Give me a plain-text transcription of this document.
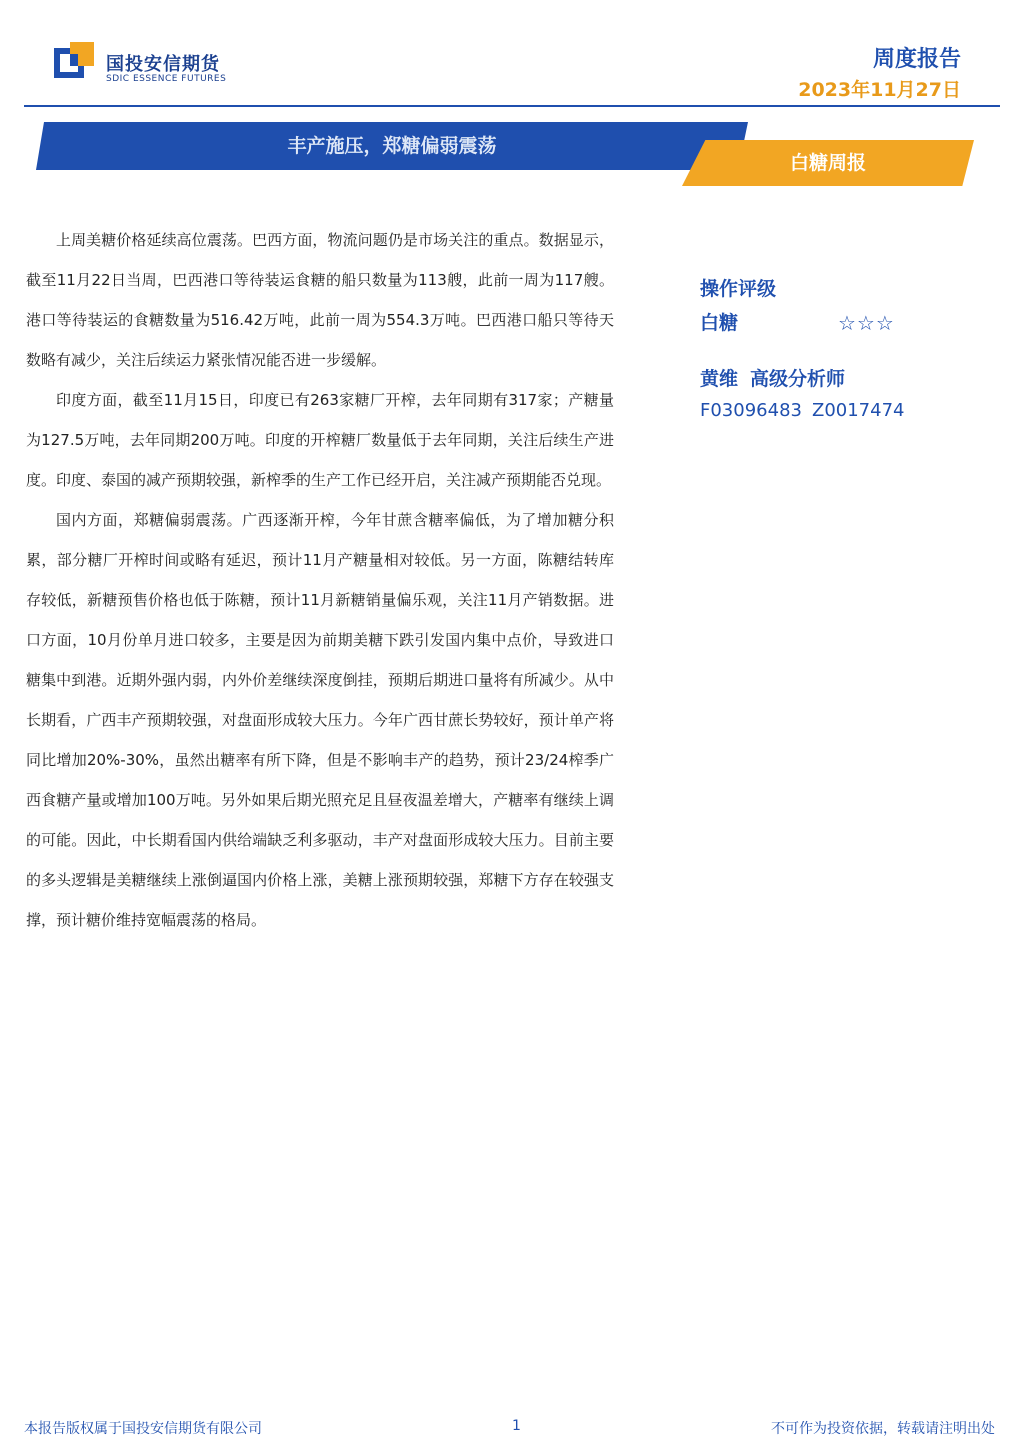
国投安信期货
SDIC ESSENCE FUTURES
周度报告
2023年11月27日
丰产施压，郑糖偏弱震荡
白糖周报

上周美糖价格延续高位震荡。巴西方面，物流问题仍是市场关注的重点。数据显示，截至11月22日当周，巴西港口等待装运食糖的船只数量为113艘，此前一周为117艘。港口等待装运的食糖数量为516.42万吨，此前一周为554.3万吨。巴西港口船只等待天数略有减少，关注后续运力紧张情况能否进一步缓解。

印度方面，截至11月15日，印度已有263家糖厂开榨，去年同期有317家；产糖量为127.5万吨，去年同期200万吨。印度的开榨糖厂数量低于去年同期，关注后续生产进度。印度、泰国的减产预期较强，新榨季的生产工作已经开启，关注减产预期能否兑现。

国内方面，郑糖偏弱震荡。广西逐渐开榨，今年甘蔗含糖率偏低，为了增加糖分积累，部分糖厂开榨时间或略有延迟，预计11月产糖量相对较低。另一方面，陈糖结转库存较低，新糖预售价格也低于陈糖，预计11月新糖销量偏乐观，关注11月产销数据。进口方面，10月份单月进口较多，主要是因为前期美糖下跌引发国内集中点价，导致进口糖集中到港。近期外强内弱，内外价差继续深度倒挂，预期后期进口量将有所减少。从中长期看，广西丰产预期较强，对盘面形成较大压力。今年广西甘蔗长势较好，预计单产将同比增加20%-30%，虽然出糖率有所下降，但是不影响丰产的趋势，预计23/24榨季广西食糖产量或增加100万吨。另外如果后期光照充足且昼夜温差增大，产糖率有继续上调的可能。因此，中长期看国内供给端缺乏利多驱动，丰产对盘面形成较大压力。目前主要的多头逻辑是美糖继续上涨倒逼国内价格上涨，美糖上涨预期较强，郑糖下方存在较强支撑，预计糖价维持宽幅震荡的格局。

操作评级
白糖	☆☆☆
黄维 高级分析师
F03096483 Z0017474
本报告版权属于国投安信期货有限公司	1	不可作为投资依据，转载请注明出处
